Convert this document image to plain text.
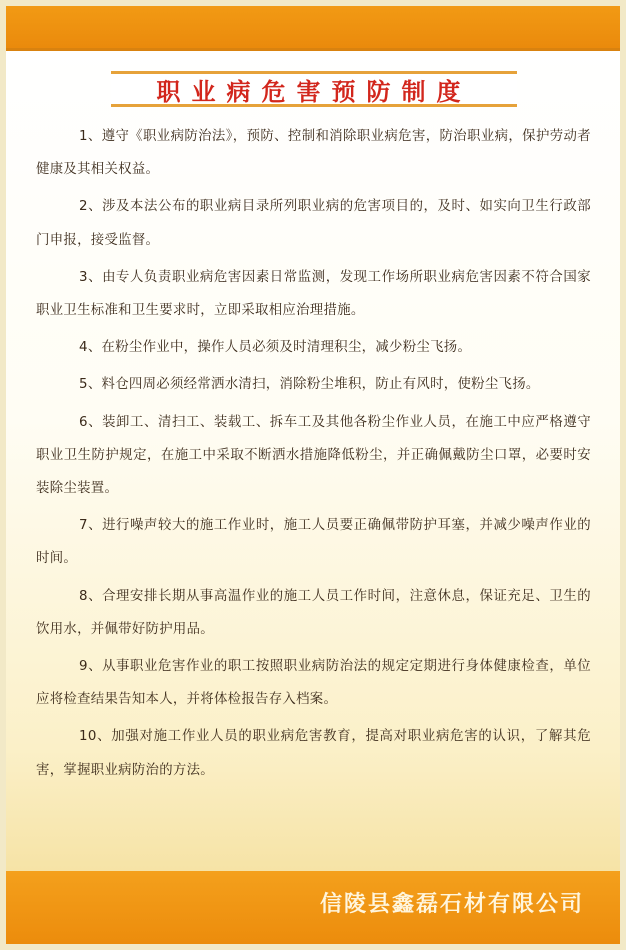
职业病危害预防制度

1、遵守《职业病防治法》，预防、控制和消除职业病危害，防治职业病，保护劳动者健康及其相关权益。

2、涉及本法公布的职业病目录所列职业病的危害项目的，及时、如实向卫生行政部门申报，接受监督。

3、由专人负责职业病危害因素日常监测，发现工作场所职业病危害因素不符合国家职业卫生标准和卫生要求时，立即采取相应治理措施。

4、在粉尘作业中，操作人员必须及时清理积尘，减少粉尘飞扬。

5、料仓四周必须经常洒水清扫，消除粉尘堆积，防止有风时，使粉尘飞扬。

6、装卸工、清扫工、装载工、拆车工及其他各粉尘作业人员，在施工中应严格遵守职业卫生防护规定，在施工中采取不断洒水措施降低粉尘，并正确佩戴防尘口罩，必要时安装除尘装置。

7、进行噪声较大的施工作业时，施工人员要正确佩带防护耳塞，并减少噪声作业的时间。

8、合理安排长期从事高温作业的施工人员工作时间，注意休息，保证充足、卫生的饮用水，并佩带好防护用品。

9、从事职业危害作业的职工按照职业病防治法的规定定期进行身体健康检查，单位应将检查结果告知本人，并将体检报告存入档案。

10、加强对施工作业人员的职业病危害教育，提高对职业病危害的认识，了解其危害，掌握职业病防治的方法。

信陵县鑫磊石材有限公司
